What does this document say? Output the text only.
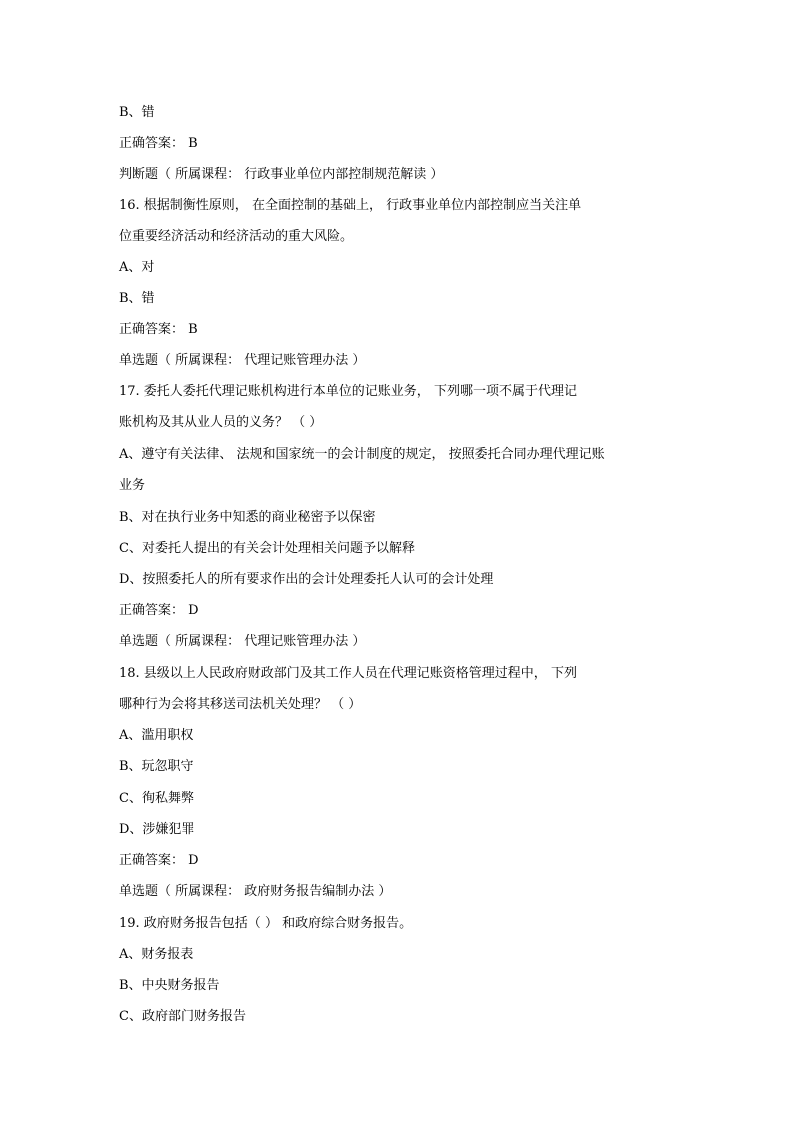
B、错
正确答案： B
判断题（ 所属课程： 行政事业单位内部控制规范解读 ）
16. 根据制衡性原则， 在全面控制的基础上， 行政事业单位内部控制应当关注单
位重要经济活动和经济活动的重大风险。
A、对
B、错
正确答案： B
单选题（ 所属课程： 代理记账管理办法 ）
17. 委托人委托代理记账机构进行本单位的记账业务， 下列哪一项不属于代理记
账机构及其从业人员的义务？ （ ）
A、遵守有关法律、 法规和国家统一的会计制度的规定， 按照委托合同办理代理记账
业务
B、对在执行业务中知悉的商业秘密予以保密
C、对委托人提出的有关会计处理相关问题予以解释
D、按照委托人的所有要求作出的会计处理委托人认可的会计处理
正确答案： D
单选题（ 所属课程： 代理记账管理办法 ）
18. 县级以上人民政府财政部门及其工作人员在代理记账资格管理过程中， 下列
哪种行为会将其移送司法机关处理？ （ ）
A、滥用职权
B、玩忽职守
C、徇私舞弊
D、涉嫌犯罪
正确答案： D
单选题（ 所属课程： 政府财务报告编制办法 ）
19. 政府财务报告包括（ ） 和政府综合财务报告。
A、财务报表
B、中央财务报告
C、政府部门财务报告
